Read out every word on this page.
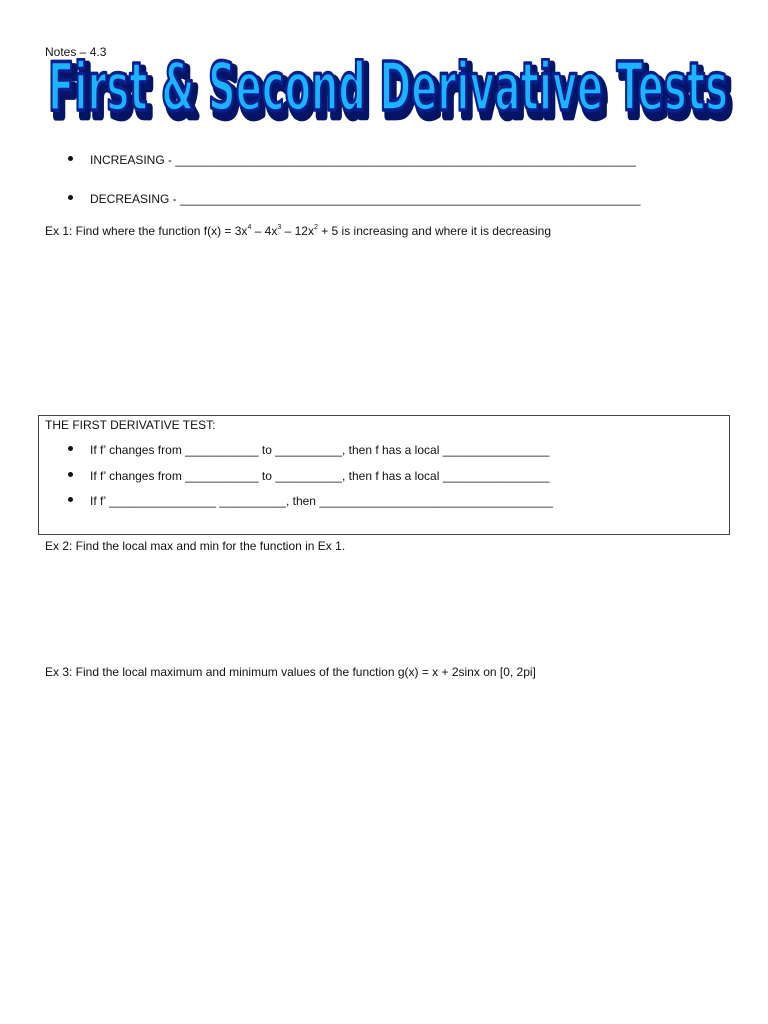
Notes – 4.3
First & Second Derivative Tests
First & Second Derivative Tests
INCREASING - _____________________________________________________________________
DECREASING - _____________________________________________________________________
Ex 1: Find where the function $f(x) = 3x^4 - 4x^3 - 12x^2 + 5$ is increasing and where it is decreasing
THE FIRST DERIVATIVE TEST:
If f’ changes from ___________ to __________, then f has a local ________________
If f’ changes from ___________ to __________, then f has a local ________________
If f’ ________________ __________, then ___________________________________
Ex 2: Find the local max and min for the function in Ex 1.
Ex 3: Find the local maximum and minimum values of the function g(x) = x + 2sinx on [0, 2pi]
